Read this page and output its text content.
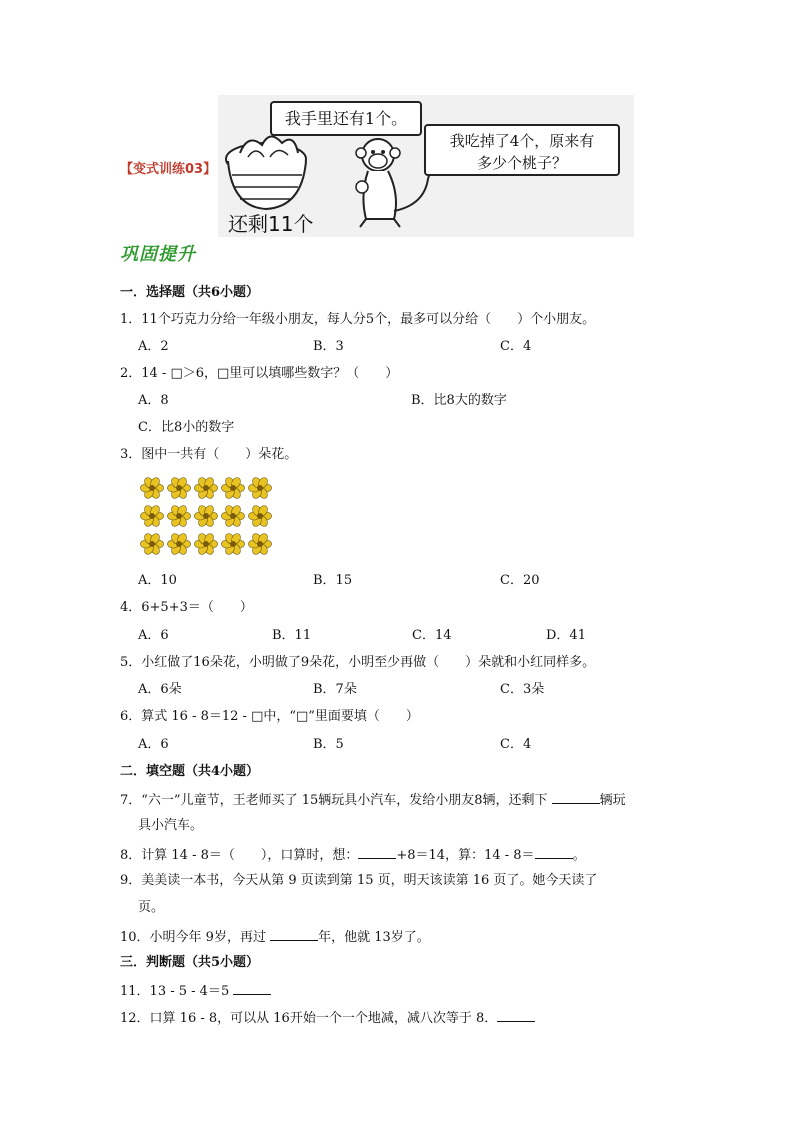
我手里还有1个。
我吃掉了4个，原来有
多少个桃子？
还剩11个
【变式训练03】
巩固提升
一．选择题（共6小题）
1．11个巧克力分给一年级小朋友，每人分5个，最多可以分给（　　）个小朋友。
A．2	B．3	C．4
2．14 - □＞6，□里可以填哪些数字？（　　）
A．8	B．比8大的数字
C．比8小的数字
3．图中一共有（　　）朵花。
A．10	B．15	C．20
4．6+5+3＝（　　）
A．6	B．11	C．14	D．41
5．小红做了16朵花，小明做了9朵花，小明至少再做（　　）朵就和小红同样多。
A．6朵	B．7朵	C．3朵
6．算式 16 - 8＝12 - □中，“□”里面要填（　　）
A．6	B．5	C．4
二．填空题（共4小题）
7．“六一”儿童节，王老师买了 15辆玩具小汽车，发给小朋友8辆，还剩下	辆玩
具小汽车。
8．计算 14 - 8＝（　　），口算时，想：	+8＝14，算：14 - 8＝	。
9．美美读一本书，今天从第 9 页读到第 15 页，明天该读第 16 页了。她今天读了
页。
10．小明今年 9岁，再过	年，他就 13岁了。
三．判断题（共5小题）
11．13 - 5 - 4＝5
12．口算 16 - 8，可以从 16开始一个一个地减，减八次等于 8．
